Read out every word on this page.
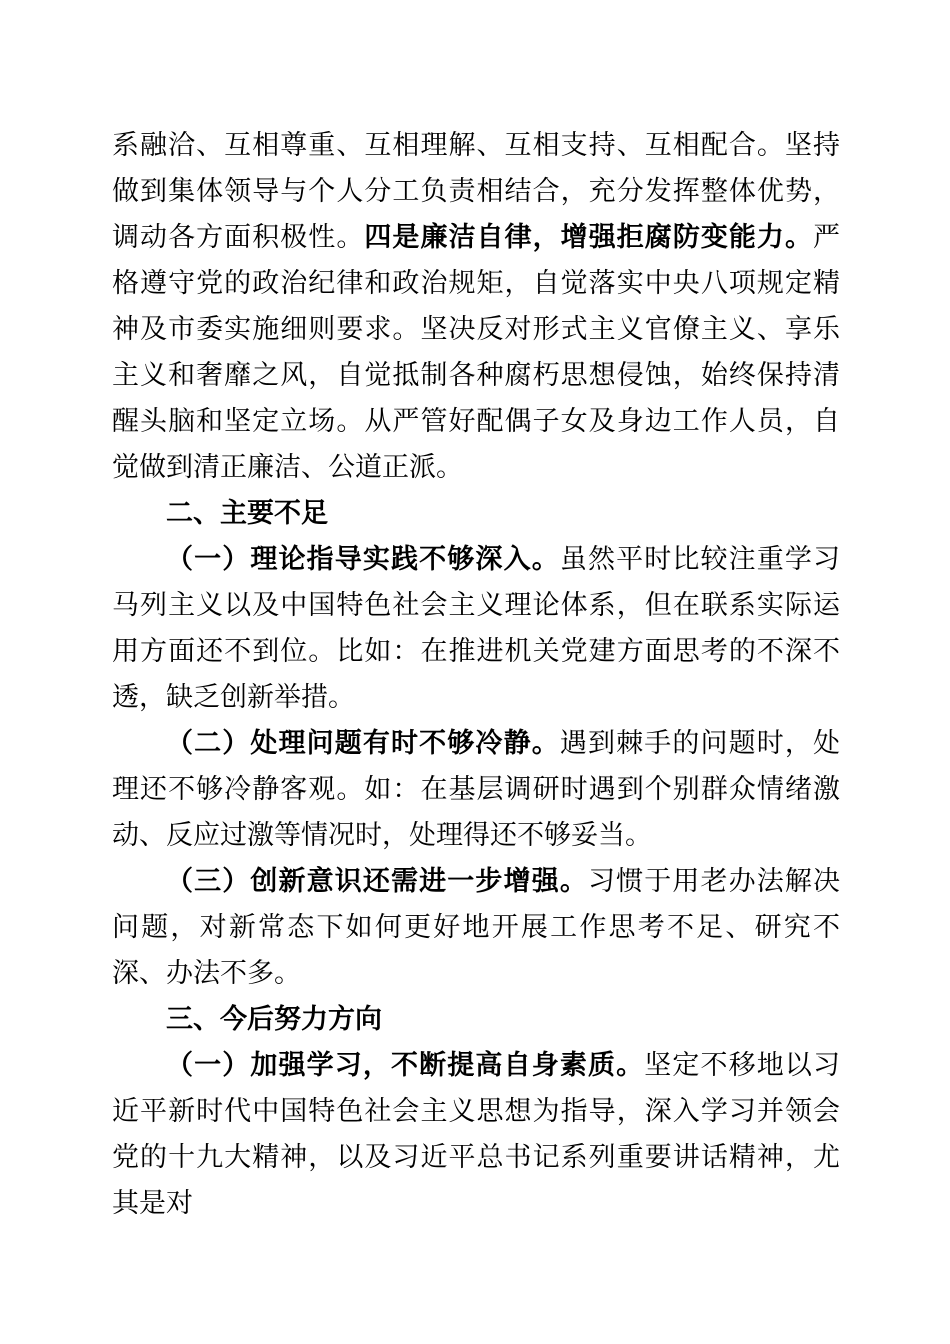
系融洽、互相尊重、互相理解、互相支持、互相配合。坚持做到集体领导与个人分工负责相结合，充分发挥整体优势，调动各方面积极性。四是廉洁自律，增强拒腐防变能力。严格遵守党的政治纪律和政治规矩，自觉落实中央八项规定精神及市委实施细则要求。坚决反对形式主义官僚主义、享乐主义和奢靡之风，自觉抵制各种腐朽思想侵蚀，始终保持清醒头脑和坚定立场。从严管好配偶子女及身边工作人员，自觉做到清正廉洁、公道正派。

二、主要不足

（一）理论指导实践不够深入。虽然平时比较注重学习马列主义以及中国特色社会主义理论体系，但在联系实际运用方面还不到位。比如：在推进机关党建方面思考的不深不透，缺乏创新举措。

（二）处理问题有时不够冷静。遇到棘手的问题时，处理还不够冷静客观。如：在基层调研时遇到个别群众情绪激动、反应过激等情况时，处理得还不够妥当。

（三）创新意识还需进一步增强。习惯于用老办法解决问题，对新常态下如何更好地开展工作思考不足、研究不深、办法不多。

三、今后努力方向

（一）加强学习，不断提高自身素质。坚定不移地以习近平新时代中国特色社会主义思想为指导，深入学习并领会党的十九大精神，以及习近平总书记系列重要讲话精神，尤其是对
